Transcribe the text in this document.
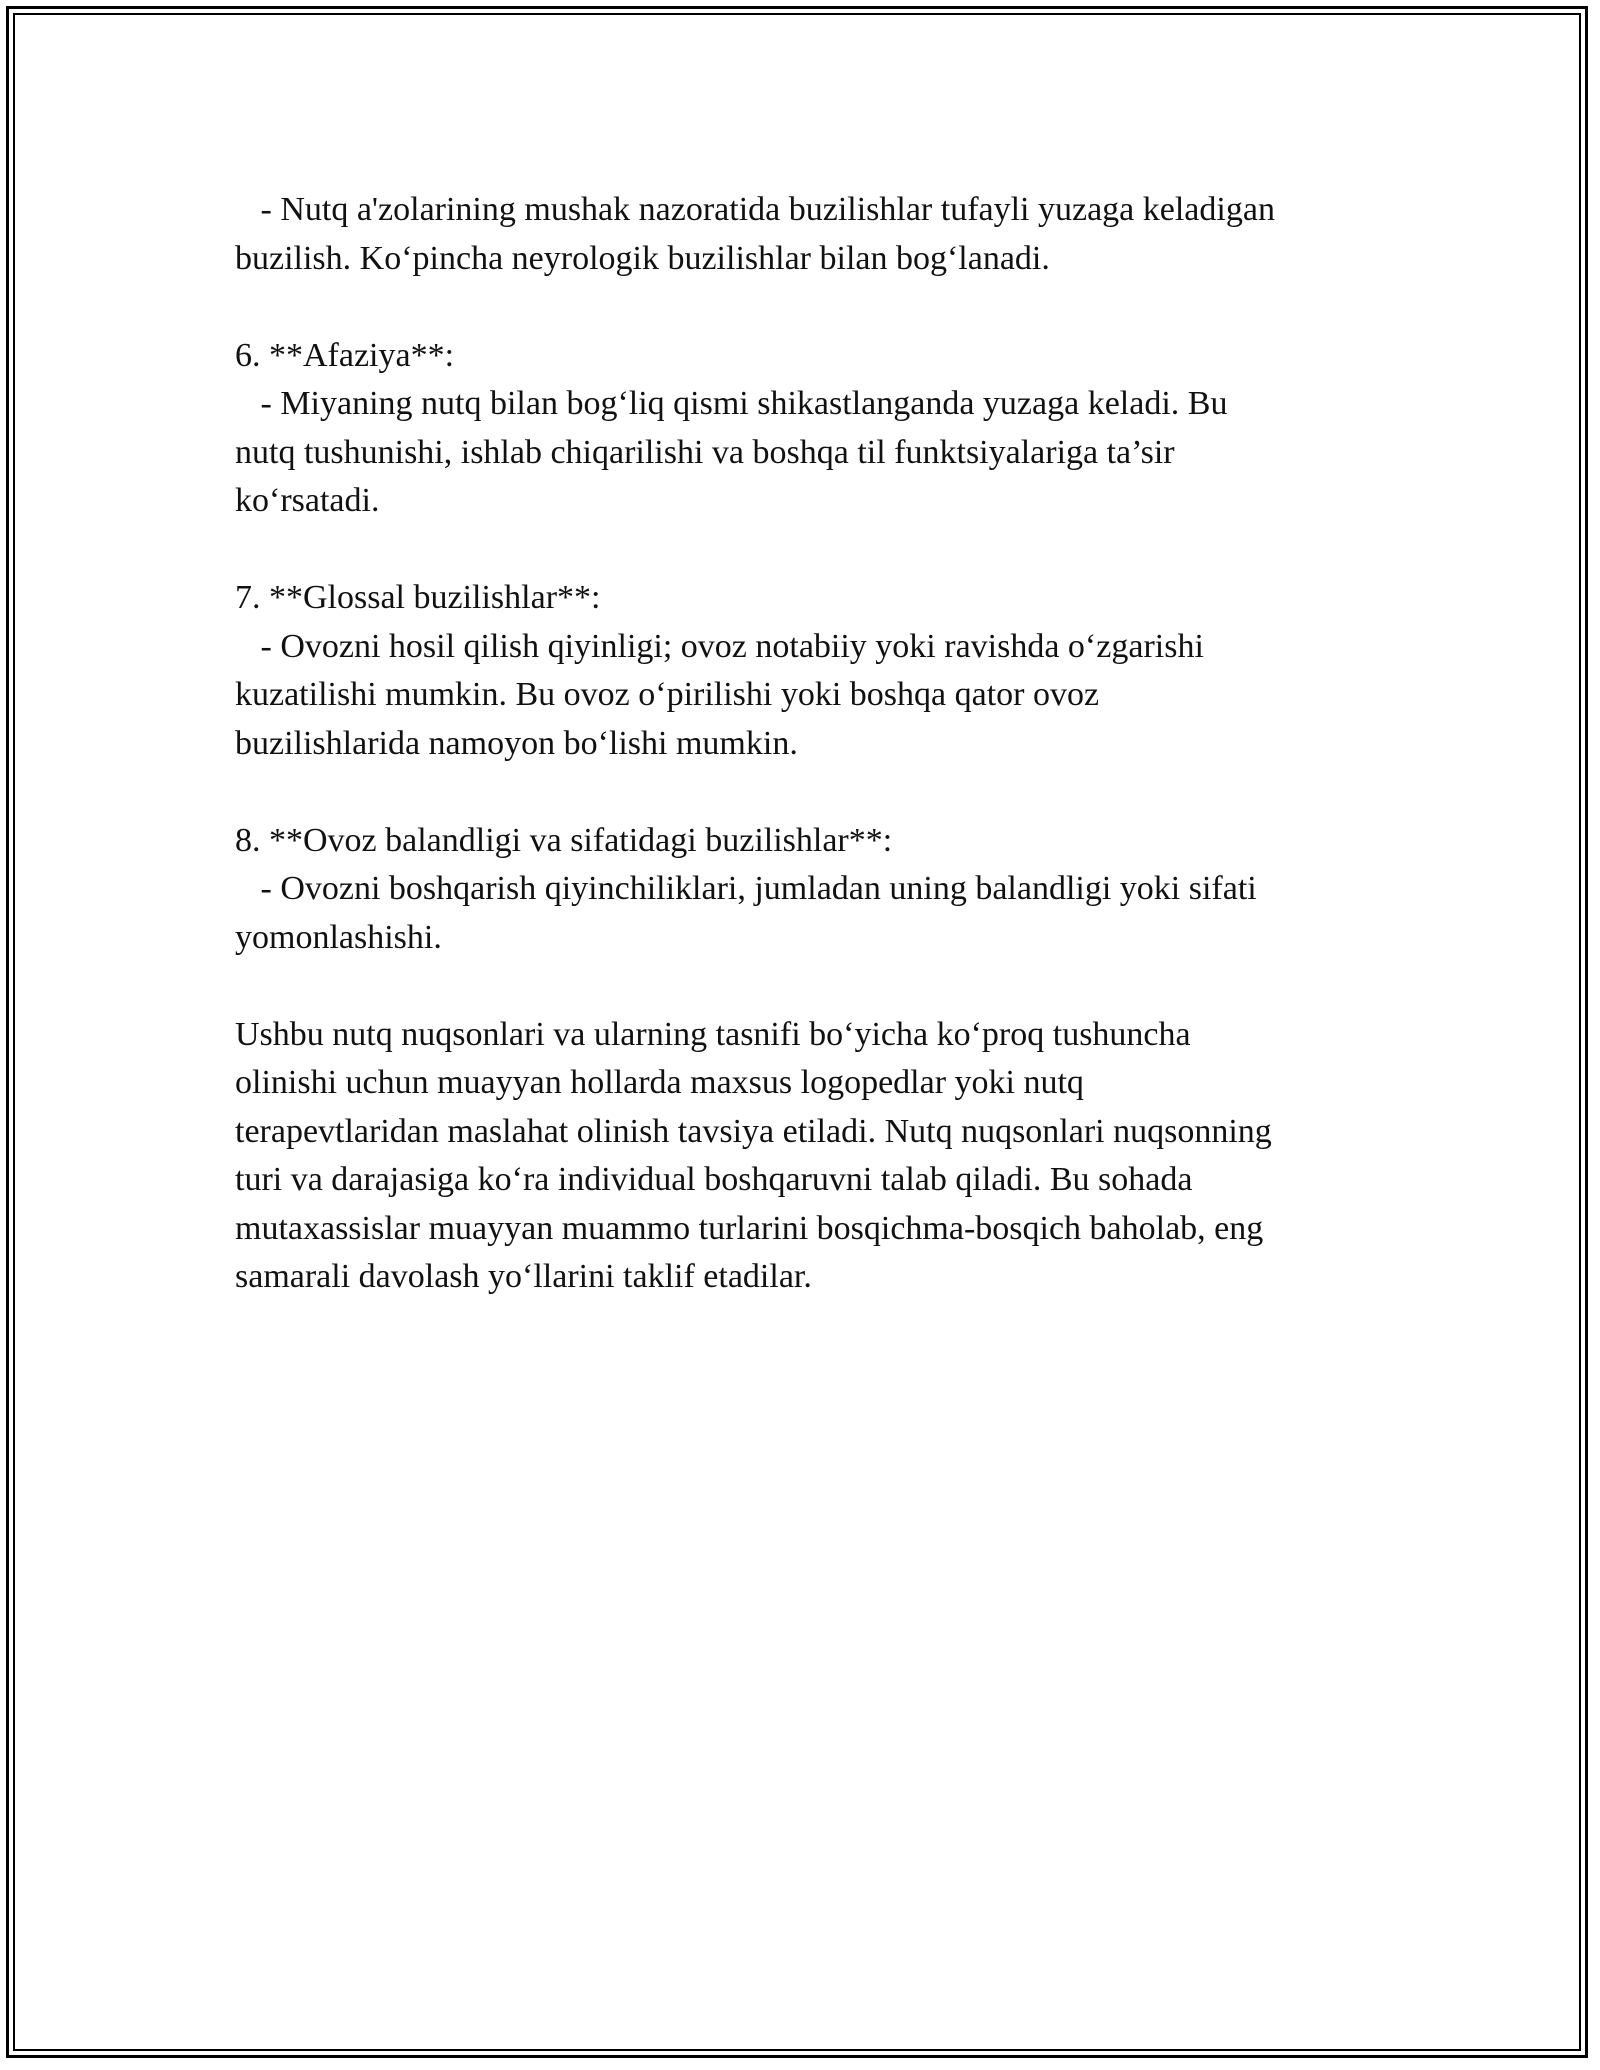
- Nutq a'zolarining mushak nazoratida buzilishlar tufayli yuzaga keladigan

buzilish. Ko‘pincha neyrologik buzilishlar bilan bog‘lanadi.

6. **Afaziya**:

- Miyaning nutq bilan bog‘liq qismi shikastlanganda yuzaga keladi. Bu

nutq tushunishi, ishlab chiqarilishi va boshqa til funktsiyalariga ta’sir

ko‘rsatadi.

7. **Glossal buzilishlar**:

- Ovozni hosil qilish qiyinligi; ovoz notabiiy yoki ravishda o‘zgarishi

kuzatilishi mumkin. Bu ovoz o‘pirilishi yoki boshqa qator ovoz

buzilishlarida namoyon bo‘lishi mumkin.

8. **Ovoz balandligi va sifatidagi buzilishlar**:

- Ovozni boshqarish qiyinchiliklari, jumladan uning balandligi yoki sifati

yomonlashishi.

Ushbu nutq nuqsonlari va ularning tasnifi bo‘yicha ko‘proq tushuncha

olinishi uchun muayyan hollarda maxsus logopedlar yoki nutq

terapevtlaridan maslahat olinish tavsiya etiladi. Nutq nuqsonlari nuqsonning

turi va darajasiga ko‘ra individual boshqaruvni talab qiladi. Bu sohada

mutaxassislar muayyan muammo turlarini bosqichma-bosqich baholab, eng

samarali davolash yo‘llarini taklif etadilar.
